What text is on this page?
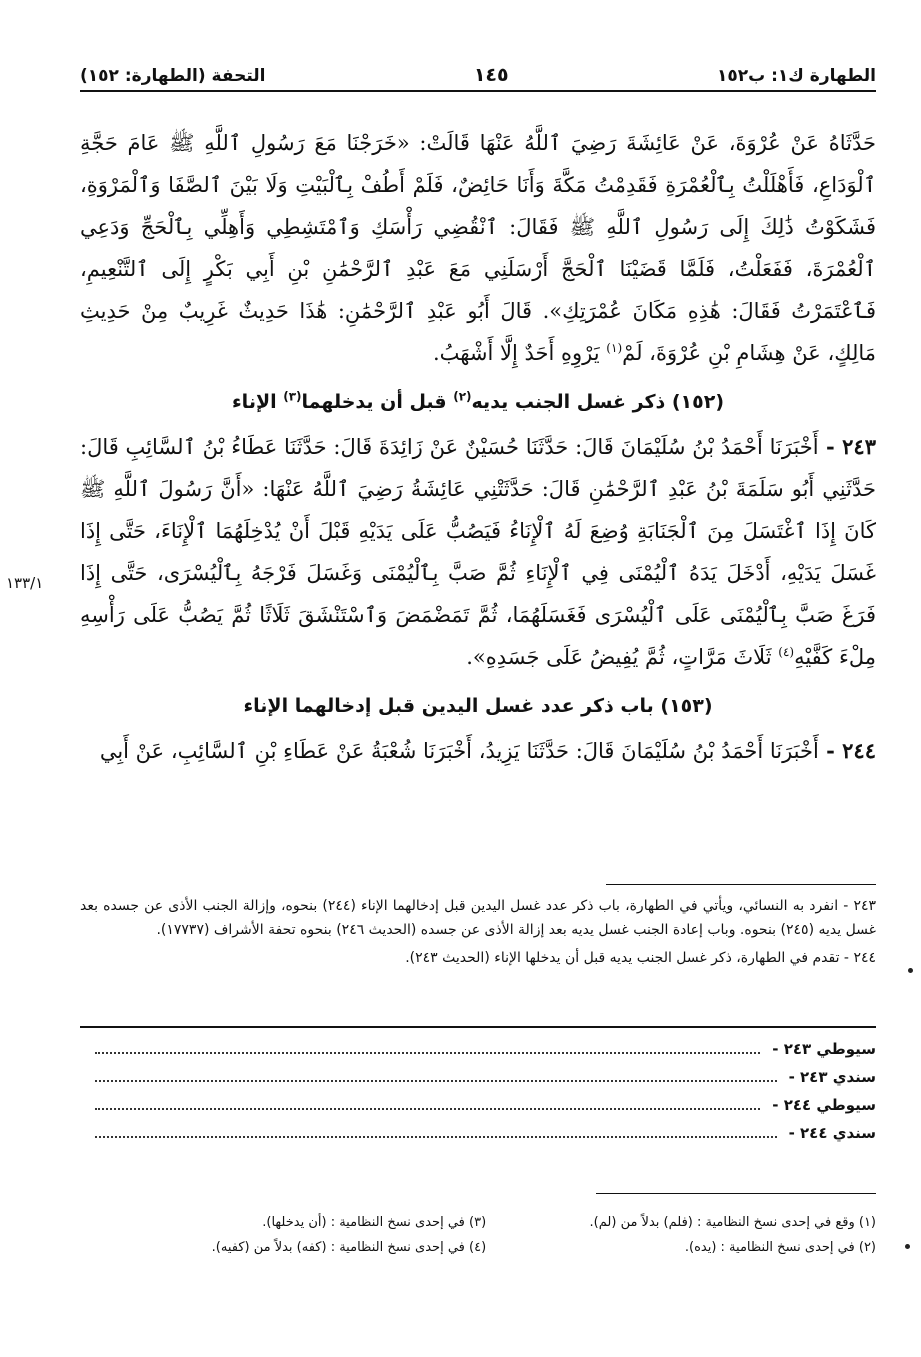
الطهارة ك١: ب١٥٢
١٤٥
التحفة (الطهارة: ١٥٢)

حَدَّثَاهُ عَنْ عُرْوَةَ، عَنْ عَائِشَةَ رَضِيَ ٱللَّهُ عَنْهَا قَالَتْ: «خَرَجْنَا مَعَ رَسُولِ ٱللَّهِ ﷺ عَامَ حَجَّةِ ٱلْوَدَاعِ، فَأَهْلَلْتُ بِٱلْعُمْرَةِ فَقَدِمْتُ مَكَّةَ وَأَنَا حَائِضٌ، فَلَمْ أَطُفْ بِٱلْبَيْتِ وَلَا بَيْنَ ٱلصَّفَا وَٱلْمَرْوَةِ، فَشَكَوْتُ ذَٰلِكَ إِلَى رَسُولِ ٱللَّهِ ﷺ فَقَالَ: ٱنْقُضِي رَأْسَكِ وَٱمْتَشِطِي وَأَهِلِّي بِٱلْحَجِّ وَدَعِي ٱلْعُمْرَةَ، فَفَعَلْتُ، فَلَمَّا قَضَيْنَا ٱلْحَجَّ أَرْسَلَنِي مَعَ عَبْدِ ٱلرَّحْمَٰنِ بْنِ أَبِي بَكْرٍ إِلَى ٱلتَّنْعِيمِ، فَٱعْتَمَرْتُ فَقَالَ: هَٰذِهِ مَكَانَ عُمْرَتِكِ». قَالَ أَبُو عَبْدِ ٱلرَّحْمَٰنِ: هَٰذَا حَدِيثٌ غَرِيبٌ مِنْ حَدِيثِ مَالِكٍ، عَنْ هِشَامِ بْنِ عُرْوَةَ، لَمْ$^{(١)}$ يَرْوِهِ أَحَدٌ إِلَّا أَشْهَبُ.

(١٥٢) ذكر غسل الجنب يديه$^{(٢)}$ قبل أن يدخلهما$^{(٣)}$ الإناء

٢٤٣ - أَخْبَرَنَا أَحْمَدُ بْنُ سُلَيْمَانَ قَالَ: حَدَّثَنَا حُسَيْنٌ عَنْ زَائِدَةَ قَالَ: حَدَّثَنَا عَطَاءُ بْنُ ٱلسَّائِبِ قَالَ: حَدَّثَنِي أَبُو سَلَمَةَ بْنُ عَبْدِ ٱلرَّحْمَٰنِ قَالَ: حَدَّثَتْنِي عَائِشَةُ رَضِيَ ٱللَّهُ عَنْهَا: «أَنَّ رَسُولَ ٱللَّهِ ﷺ كَانَ إِذَا ٱغْتَسَلَ مِنَ ٱلْجَنَابَةِ وُضِعَ لَهُ ٱلْإِنَاءُ فَيَصُبُّ عَلَى يَدَيْهِ قَبْلَ أَنْ يُدْخِلَهُمَا ٱلْإِنَاءَ، حَتَّى إِذَا غَسَلَ يَدَيْهِ، أَدْخَلَ يَدَهُ ٱلْيُمْنَى فِي ٱلْإِنَاءِ ثُمَّ صَبَّ بِٱلْيُمْنَى وَغَسَلَ فَرْجَهُ بِٱلْيُسْرَى، حَتَّى إِذَا فَرَغَ صَبَّ بِٱلْيُمْنَى عَلَى ٱلْيُسْرَى فَغَسَلَهُمَا، ثُمَّ تَمَضْمَضَ وَٱسْتَنْشَقَ ثَلَاثًا ثُمَّ يَصُبُّ عَلَى رَأْسِهِ مِلْءَ كَفَّيْهِ$^{(٤)}$ ثَلَاثَ مَرَّاتٍ، ثُمَّ يُفِيضُ عَلَى جَسَدِهِ».

(١٥٣) باب ذكر عدد غسل اليدين قبل إدخالهما الإناء

٢٤٤ - أَخْبَرَنَا أَحْمَدُ بْنُ سُلَيْمَانَ قَالَ: حَدَّثَنَا يَزِيدُ، أَخْبَرَنَا شُعْبَةُ عَنْ عَطَاءِ بْنِ ٱلسَّائِبِ، عَنْ أَبِي

١٣٣/١

٢٤٣ - انفرد به النسائي، ويأتي في الطهارة، باب ذكر عدد غسل اليدين قبل إدخالهما الإناء (٢٤٤) بنحوه، وإزالة الجنب الأذى عن جسده بعد غسل يديه (٢٤٥) بنحوه. وباب إعادة الجنب غسل يديه بعد إزالة الأذى عن جسده (الحديث ٢٤٦) بنحوه تحفة الأشراف (١٧٧٣٧).

٢٤٤ - تقدم في الطهارة، ذكر غسل الجنب يديه قبل أن يدخلها الإناء (الحديث ٢٤٣).

سيوطي ٢٤٣ -
سندي ٢٤٣ -
سيوطي ٢٤٤ -
سندي ٢٤٤ -
(١) وقع في إحدى نسخ النظامية : (فلم) بدلاً من (لم).
(٢) في إحدى نسخ النظامية : (يده).
(٣) في إحدى نسخ النظامية : (أن يدخلها).
(٤) في إحدى نسخ النظامية : (كفه) بدلاً من (كفيه).
